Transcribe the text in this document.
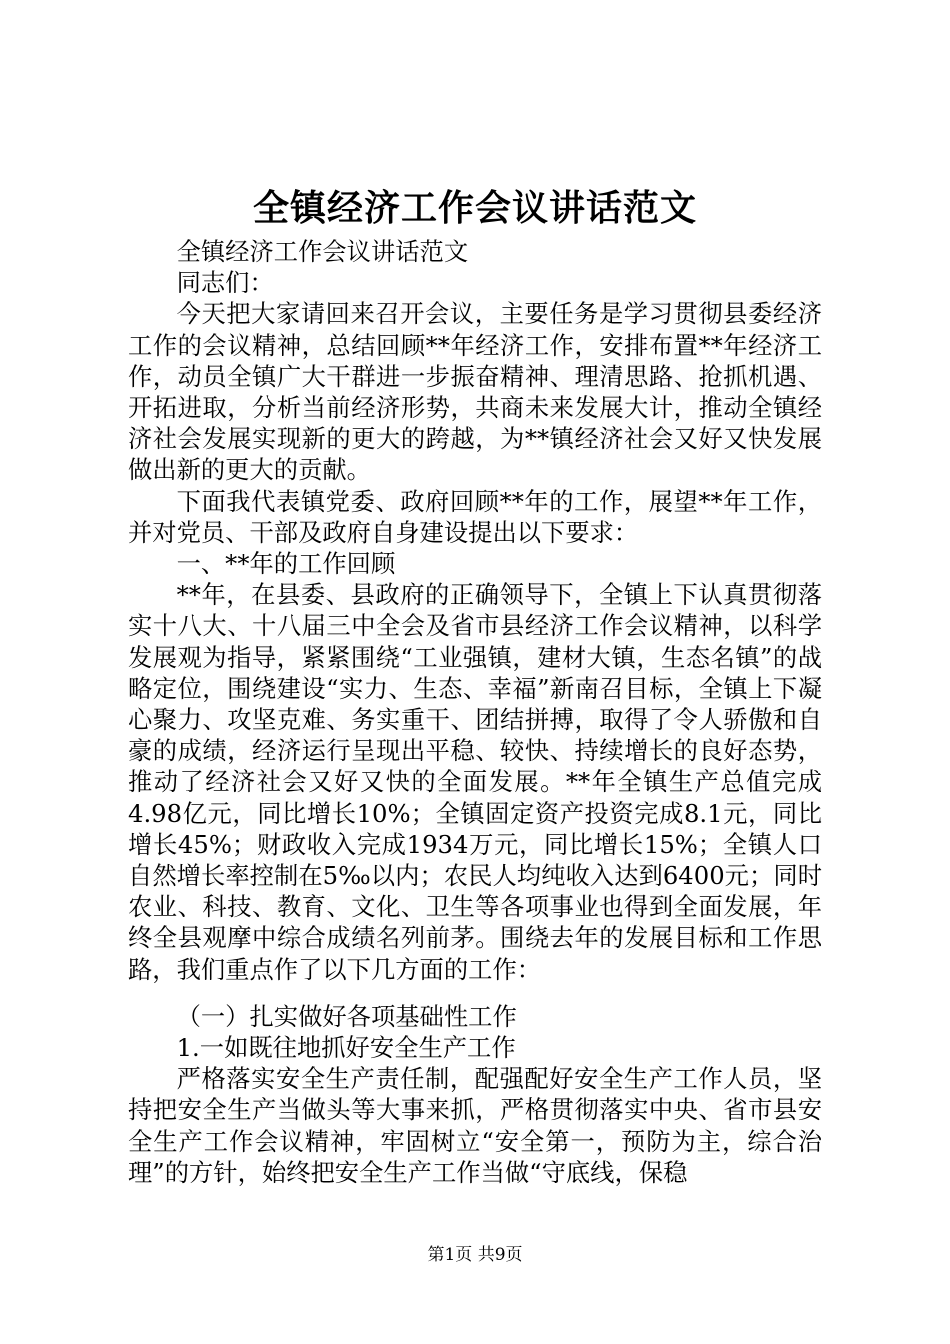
全镇经济工作会议讲话范文

全镇经济工作会议讲话范文

同志们：

今天把大家请回来召开会议，主要任务是学习贯彻县委经济工作的会议精神，总结回顾**年经济工作，安排布置**年经济工作，动员全镇广大干群进一步振奋精神、理清思路、抢抓机遇、开拓进取，分析当前经济形势，共商未来发展大计，推动全镇经济社会发展实现新的更大的跨越，为**镇经济社会又好又快发展做出新的更大的贡献。

下面我代表镇党委、政府回顾**年的工作，展望**年工作，并对党员、干部及政府自身建设提出以下要求：

一、**年的工作回顾

**年，在县委、县政府的正确领导下，全镇上下认真贯彻落实十八大、十八届三中全会及省市县经济工作会议精神，以科学发展观为指导，紧紧围绕“工业强镇，建材大镇，生态名镇”的战略定位，围绕建设“实力、生态、幸福”新南召目标，全镇上下凝心聚力、攻坚克难、务实重干、团结拼搏，取得了令人骄傲和自豪的成绩，经济运行呈现出平稳、较快、持续增长的良好态势，推动了经济社会又好又快的全面发展。**年全镇生产总值完成4.98亿元，同比增长10%；全镇固定资产投资完成8.1元，同比增长45%；财政收入完成1934万元，同比增长15%；全镇人口自然增长率控制在5‰以内；农民人均纯收入达到6400元；同时农业、科技、教育、文化、卫生等各项事业也得到全面发展，年终全县观摩中综合成绩名列前茅。围绕去年的发展目标和工作思路，我们重点作了以下几方面的工作：

（一）扎实做好各项基础性工作

1.一如既往地抓好安全生产工作

严格落实安全生产责任制，配强配好安全生产工作人员，坚持把安全生产当做头等大事来抓，严格贯彻落实中央、省市县安全生产工作会议精神，牢固树立“安全第一，预防为主，综合治理”的方针，始终把安全生产工作当做“守底线，保稳

第1页 共9页
